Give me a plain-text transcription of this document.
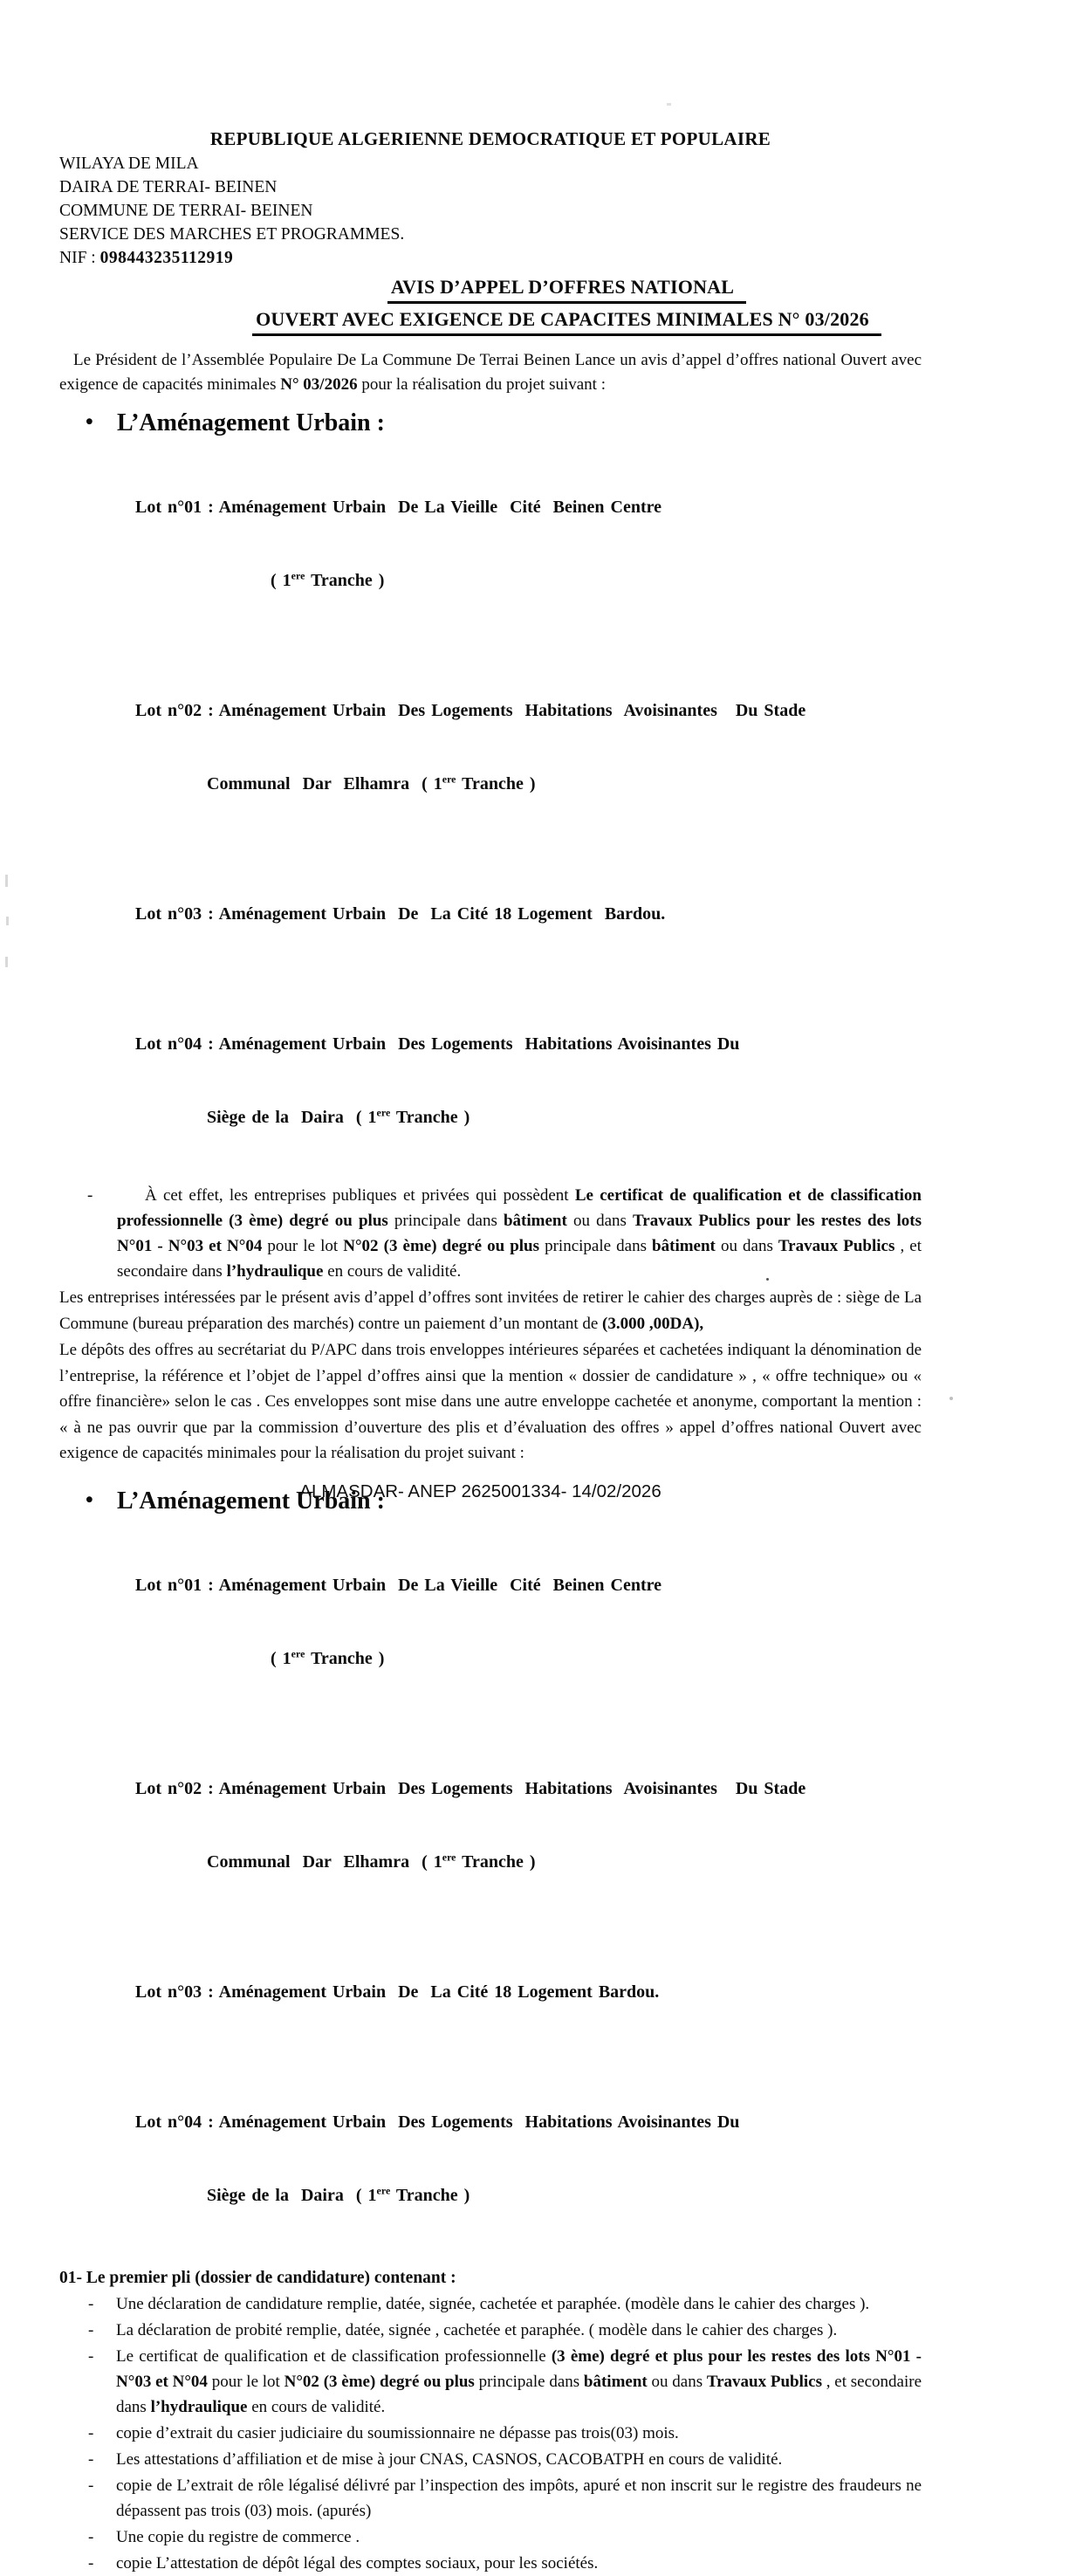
REPUBLIQUE ALGERIENNE DEMOCRATIQUE ET POPULAIRE
WILAYA DE MILA
DAIRA DE TERRAI- BEINEN
COMMUNE DE TERRAI- BEINEN
SERVICE DES MARCHES ET PROGRAMMES.
NIF : 098443235112919
AVIS D’APPEL D’OFFRES NATIONAL
OUVERT AVEC EXIGENCE DE CAPACITES MINIMALES N° 03/2026
Le Président de l’Assemblée Populaire De La Commune De Terrai Beinen Lance un avis d’appel d’offres national Ouvert avec exigence de capacités minimales N° 03/2026 pour la réalisation du projet suivant :
• L’Aménagement Urbain :

Lot n°01 : Aménagement Urbain  De La Vieille  Cité  Beinen Centre

( 1ere Tranche )

Lot n°02 : Aménagement Urbain  Des Logements  Habitations  Avoisinantes   Du Stade

Communal  Dar  Elhamra  ( 1ere Tranche )

Lot n°03 : Aménagement Urbain  De  La Cité 18 Logement  Bardou.

Lot n°04 : Aménagement Urbain  Des Logements  Habitations Avoisinantes Du

Siège de la  Daira  ( 1ere Tranche )

-	À cet effet, les entreprises publiques et privées qui possèdent Le certificat de qualification et de classification professionnelle (3 ème) degré ou plus principale dans bâtiment ou dans Travaux Publics pour les restes des lots N°01 - N°03 et N°04 pour le lot N°02 (3 ème) degré ou plus principale dans bâtiment ou dans Travaux Publics , et secondaire dans l’hydraulique en cours de validité.
Les entreprises intéressées par le présent avis d’appel d’offres sont invitées de retirer le cahier des charges auprès de : siège de La Commune (bureau préparation des marchés) contre un paiement d’un montant de (3.000 ,00DA),
Le dépôts des offres au secrétariat du P/APC dans trois enveloppes intérieures séparées et cachetées indiquant la dénomination de l’entreprise, la référence et l’objet de l’appel d’offres ainsi que la mention « dossier de candidature » , « offre technique» ou « offre financière» selon le cas . Ces enveloppes sont mise dans une autre enveloppe cachetée et anonyme, comportant la mention : « à ne pas ouvrir que par la commission d’ouverture des plis et d’évaluation des offres » appel d’offres national Ouvert avec exigence de capacités minimales pour la réalisation du projet suivant :
• L’Aménagement Urbain :

Lot n°01 : Aménagement Urbain  De La Vieille  Cité  Beinen Centre

( 1ere Tranche )

Lot n°02 : Aménagement Urbain  Des Logements  Habitations  Avoisinantes   Du Stade

Communal  Dar  Elhamra  ( 1ere Tranche )

Lot n°03 : Aménagement Urbain  De  La Cité 18 Logement Bardou.

Lot n°04 : Aménagement Urbain  Des Logements  Habitations Avoisinantes Du

Siège de la  Daira  ( 1ere Tranche )

01- Le premier pli (dossier de candidature) contenant :
- Une déclaration de candidature remplie, datée, signée, cachetée et paraphée. (modèle dans le cahier des charges ).
- La déclaration de probité remplie, datée, signée , cachetée et paraphée. ( modèle dans le cahier des charges ).
- Le certificat de qualification et de classification professionnelle (3 ème) degré et plus pour les restes des lots N°01 - N°03 et N°04 pour le lot N°02 (3 ème) degré ou plus principale dans bâtiment ou dans Travaux Publics , et secondaire dans l’hydraulique en cours de validité.
- copie d’extrait du casier judiciaire du soumissionnaire ne dépasse pas trois(03) mois.
- Les attestations d’affiliation et de mise à jour CNAS, CASNOS, CACOBATPH en cours de validité.
- copie de L’extrait de rôle légalisé délivré par l’inspection des impôts, apuré et non inscrit sur le registre des fraudeurs ne dépassent pas trois (03) mois. (apurés)
- Une copie du registre de commerce .
- copie L’attestation de dépôt légal des comptes sociaux, pour les sociétés.
ALMASDAR- ANEP 2625001334- 14/02/2026
